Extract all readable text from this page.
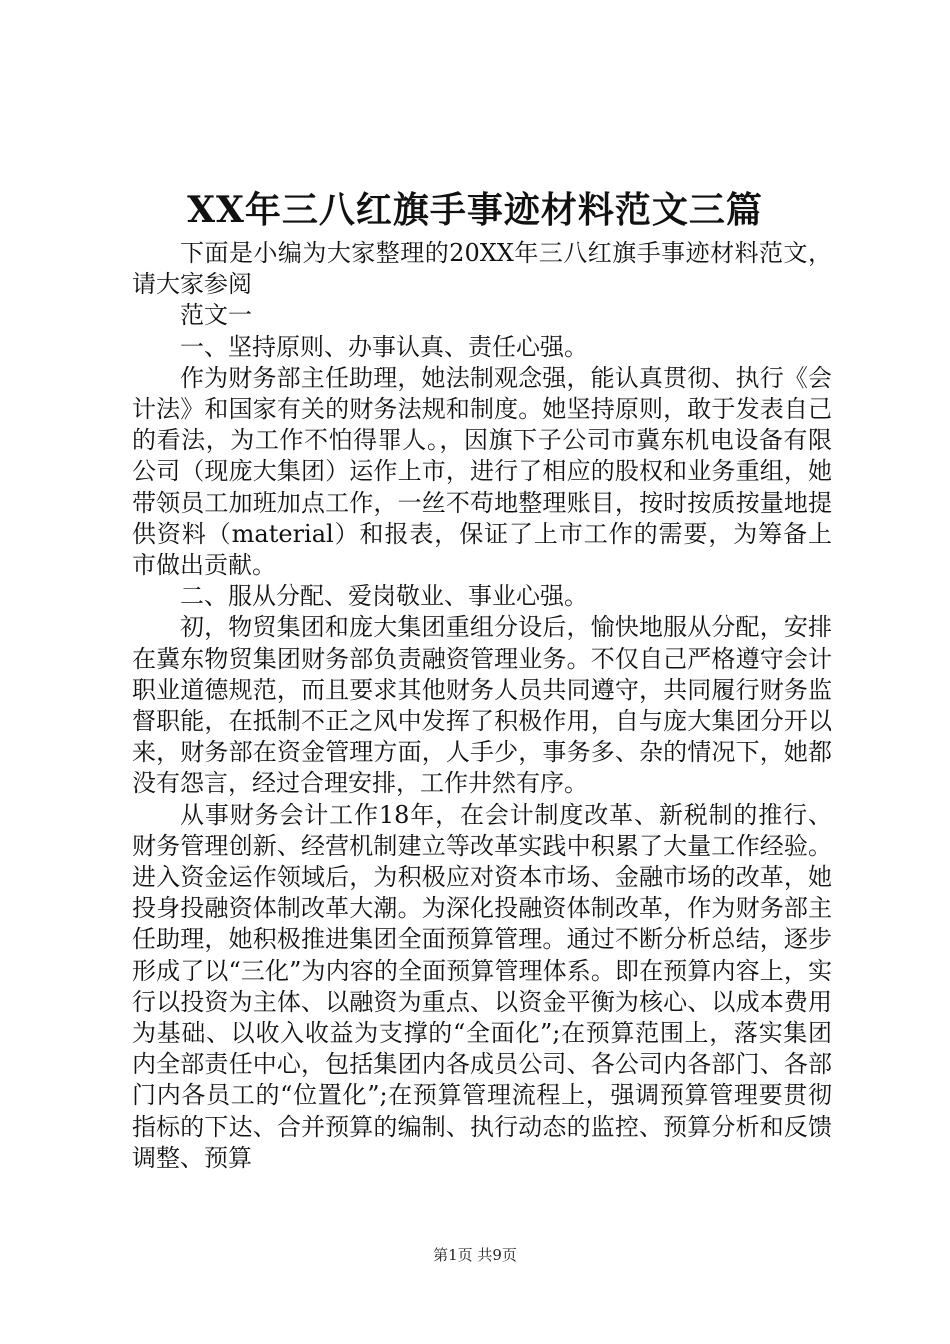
XX年三八红旗手事迹材料范文三篇

下面是小编为大家整理的20XX年三八红旗手事迹材料范文，请大家参阅

范文一

一、坚持原则、办事认真、责任心强。

作为财务部主任助理，她法制观念强，能认真贯彻、执行《会计法》和国家有关的财务法规和制度。她坚持原则，敢于发表自己的看法，为工作不怕得罪人。，因旗下子公司市冀东机电设备有限公司（现庞大集团）运作上市，进行了相应的股权和业务重组，她带领员工加班加点工作，一丝不苟地整理账目，按时按质按量地提供资料（material）和报表，保证了上市工作的需要，为筹备上市做出贡献。

二、服从分配、爱岗敬业、事业心强。

初，物贸集团和庞大集团重组分设后，愉快地服从分配，安排在冀东物贸集团财务部负责融资管理业务。不仅自己严格遵守会计职业道德规范，而且要求其他财务人员共同遵守，共同履行财务监督职能，在抵制不正之风中发挥了积极作用，自与庞大集团分开以来，财务部在资金管理方面，人手少，事务多、杂的情况下，她都没有怨言，经过合理安排，工作井然有序。

从事财务会计工作18年，在会计制度改革、新税制的推行、财务管理创新、经营机制建立等改革实践中积累了大量工作经验。进入资金运作领域后，为积极应对资本市场、金融市场的改革，她投身投融资体制改革大潮。为深化投融资体制改革，作为财务部主任助理，她积极推进集团全面预算管理。通过不断分析总结，逐步形成了以“三化”为内容的全面预算管理体系。即在预算内容上，实行以投资为主体、以融资为重点、以资金平衡为核心、以成本费用为基础、以收入收益为支撑的“全面化”;在预算范围上，落实集团内全部责任中心，包括集团内各成员公司、各公司内各部门、各部门内各员工的“位置化”;在预算管理流程上，强调预算管理要贯彻指标的下达、合并预算的编制、执行动态的监控、预算分析和反馈调整、预算

第1页 共9页
